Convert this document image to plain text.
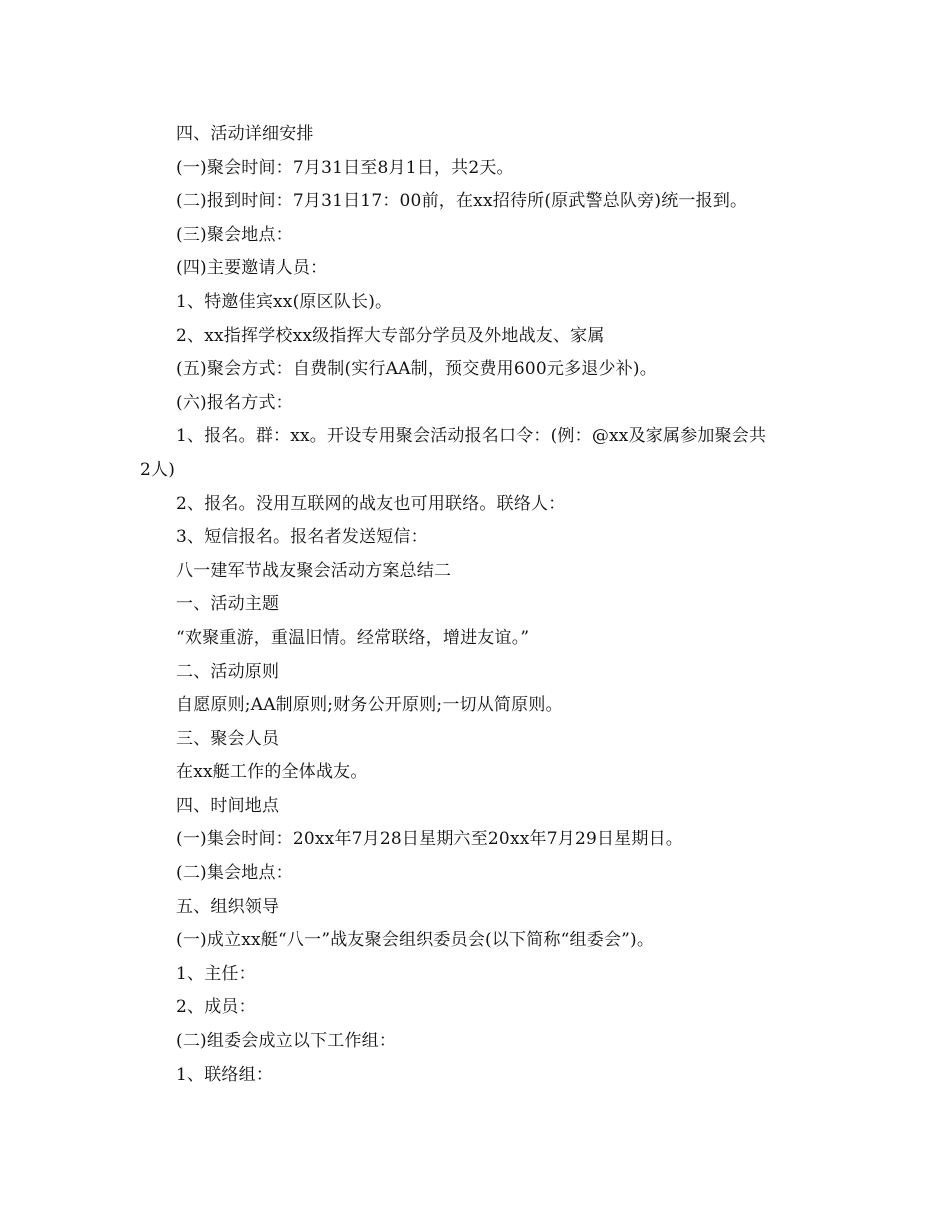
四、活动详细安排
(一)聚会时间：7月31日至8月1日，共2天。
(二)报到时间：7月31日17：00前，在xx招待所(原武警总队旁)统一报到。
(三)聚会地点：
(四)主要邀请人员：
1、特邀佳宾xx(原区队长)。
2、xx指挥学校xx级指挥大专部分学员及外地战友、家属
(五)聚会方式：自费制(实行AA制，预交费用600元多退少补)。
(六)报名方式：
1、报名。群：xx。开设专用聚会活动报名口令：(例：@xx及家属参加聚会共
2人)
2、报名。没用互联网的战友也可用联络。联络人：
3、短信报名。报名者发送短信：
八一建军节战友聚会活动方案总结二
一、活动主题
“欢聚重游，重温旧情。经常联络，增进友谊。”
二、活动原则
自愿原则;AA制原则;财务公开原则;一切从简原则。
三、聚会人员
在xx艇工作的全体战友。
四、时间地点
(一)集会时间：20xx年7月28日星期六至20xx年7月29日星期日。
(二)集会地点：
五、组织领导
(一)成立xx艇“八一”战友聚会组织委员会(以下简称“组委会”)。
1、主任：
2、成员：
(二)组委会成立以下工作组：
1、联络组：
